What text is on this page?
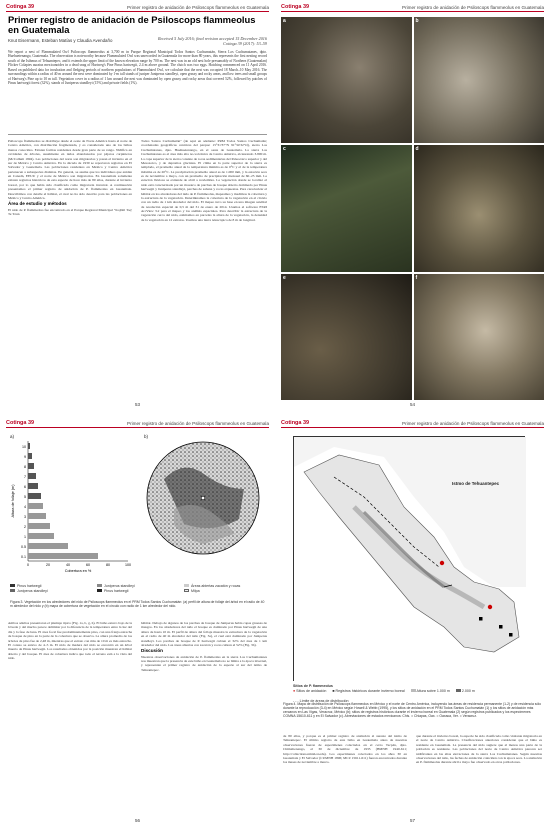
Cotinga 39	Primer registro de anidación de Psiloscops flammeolus en Guatemala
Primer registro de anidación de Psiloscops flammeolus en Guatemala
Knut Eisermann, Esteban Matías y Claudia Avendaño	Received 5 July 2016; final revision accepted 15 December 2016
Cotinga 39 (2017): 53–59
We report a nest of Flammulated Owl Psiloscops flammeolus at 3,700 m in Parque Regional Municipal Todos Santos Cuchumatán, Sierra Los Cuchumatanes, dpto. Huehuetenango, Guatemala. The observation is noteworthy because Flammulated Owl was unrecorded in Guatemala for more than 80 years, this represents the first nesting record south of the Isthmus of Tehuantepec, and it extends the upper limit of the known elevation range by 700 m. The nest was in an old nest hole presumably of Northern (Guatemalan) Flicker Colaptes auratus mexicanoides in a dead snag of Hartweg's Pine Pinus hartwegii, 2.4 m above ground. The clutch was two eggs. Hatching commenced on 11 April 2016. Based on published data for incubation and fledging periods of northern populations of Flammulated Owl, we calculate that the nest was occupied 18 March–10 May 2016. The surroundings within a radius of 40 m around the nest were dominated by 1-m tall stands of juniper Juniperus standleyi, open grassy and rocky areas, and low trees and small groups of Hartweg's Pine up to 10 m tall. Vegetation cover in a radius of 1 km around the nest was dominated by open grassy and rocky areas that covered 52%, followed by patches of Pinus hartwegii forest (32%), stands of Juniperus standleyi (15%) and private fields (1%).
Psiloscops flammeolus se distribuye desde el oeste de Norte América hasta el norte de Centro América, con distribución fragmentada, y es considerado uno de los búhos menos conocidos. Existen formas residentes desde gran parte de su rango. Nidifica en cavidades de árboles, usualmente en nidos abandonados por pájaros carpinteros (McCallum 1994). Las poblaciones del norte son migratorias y pasan el invierno en el sur de México y Centro América. En la década de 1930 se reportaron registros en El Salvador y Guatemala. Las poblaciones residentes en México y Centro América pertenecen a subespecies distintas. En general, se asume que los individuos que anidan en Canadá, EEUU y el norte de México son migratorios. En Guatemala solamente existen registros históricos de esta especie de hace más de 80 años, durante el invierno boreal, por lo que había sido clasificada como migratoria invernal. A continuación presentamos el primer registro de anidación de P. flammeolus en Guatemala. Describimos con detalle el hábitat, el cual no ha sido descrito para las poblaciones en México y Centro América.
Área de estudio y métodos
El nido de P. flammeolus fue encontrado en el Parque Regional Municipal "Kojbiil Taq' Te Tzun
Todos Santos Cuchumatán" (de aquí en adelante: PRM Todos Santos Cuchumatán; coordenadas geográficas centricas del parque: 15°31'37"N 91°34'32"O), sierra Los Cuchumatanes, dpto. Huehuetenango, en el oeste de Guatemala. La sierra Los Cuchumatanes es el área más alta no-volcánica de Centro América, alcanzando 3.800 m. La capa superior de la sierra consiste de rocas sedimentarias del Paleozoico superior y del Mesozoico, y de depósitos glaciales. El clima en la parte superior de la sierra es templado, el promedio anual de la temperatura mínima es de 0°C y el de la temperatura máxima es de 20°C. La precipitación promedio anual es de 1.000 mm, y la estación seca es de noviembre a mayo, con un promedio de precipitación mensual de 60–25 mm. La estación lluviosa se extiende de abril a noviembre. La vegetación donde se localizó el nido está caracterizada por un mosaico de parches de bosque abierto dominado por Pinus hartwegii y Juniperus standleyi, parches de sabana y rocas expuestas. Para caracterizar el hábitat en los alrededores del nido de P. flammeolus, mapeamos y medimos la cobertura y la estructura de la vegetación. Determinamos la cobertura de la vegetación en el círculo con un radio de 1 km alrededor del nido. El mapeo tuvo su base en una imagen satelital de resolución espacial de 0,5 m del 31 de enero de 2014. Usamos el software ESRI ArcView 3.2 para el mapeo y los análisis espaciales. Para describir la estructura de la vegetación cerca del nido, estimamos en parcelas la altura de la vegetación, la densidad de la vegetación en 12 estratos. Usamos una tierra telescópica de 8 m de longitud.
53
Cotinga 39	Primer registro de anidación de Psiloscops flammeolus en Guatemala
a	b
c	d
e	f
54
Cotinga 39	Primer registro de anidación de Psiloscops flammeolus en Guatemala
a)
10
9
8
7
6
5
4
3
2
1
0.5
0.1
0	20	40	60	80	100
Cobertura en %
Altura de follaje (m)
b)
Pinus hartwegii	Juniperus standleyi	Áreas abiertas zacatón y rocas
Juniperus standleyi	Pinus hartwegii	Milpa
Figura 3. Vegetación en los alrededores del nido de Psiloscops flammeolus en el PRM Todos Santos Cuchumatán: (a) perfil de altura de follaje del árbol en el radio de 40 m alrededor del nido y (b) mapa de cobertura de vegetación en el círculo con radio de 1 km alrededor del nido.
Ambos adultos presentaron el plumaje típico (Fig. 1a, b, g, h). El búho estuvo bajo de la bóveda y del mucho parece delimitar por la diferencia de la temperatura entre la luz del día y la fase de luna. El área focal fue predominantemente pino, con una franja estrecha de bosque de pino en la parte de la cobertura que se observa. La altura promedio de los árboles de pino fue de 2,48 m, mientras que el estrato con más de 10 m es más estrecho. El conteo se estuvo de 4–5 m. El nido de madera del nido se encontró en un árbol muerto de Pinus hartwegii. Los resultados obtenidos por la posición muestran el hábitat abierto y del bosque. El área de cobertura indica que todo el terreno está a la vista del nido.
hábitat. Debajo de algunos de los parches de bosque de Juniperus había capas gruesas de musgos. En los alrededores del nido el bosque es dominado por Pinus hartwegii de una altura de hasta 10 m. El perfil de altura del follaje muestra la estructura de la vegetación en el radio de 40 m alrededor del nido (Fig. 3a), el cual está dominado por Juniperus standleyi. Los parches de bosque de P. hartwegii cubren el 32% del área de 1 km alrededor del nido. Las áreas abiertas con zacatón y rocas cubren el 52% (Fig. 3b).
Discusión
Nuestras observaciones de anidación de P. flammeolus en la sierra Los Cuchumatanes nos muestran que la presencia de este búho en Guatemala no se limita a la época invernal, y representan el primer registro de anidación de la especie al sur del istmo de Tehuantepec.
56
Cotinga 39	Primer registro de anidación de Psiloscops flammeolus en Guatemala
Istmo de Tehuantepec
Sitios de P. flammeolus
● Sitios de anidación ■ Registros históricos durante invierno boreal	Altura sobre 1.000 m	2.000 m
- - - Límite de áreas de distribución
Figura 4. Mapa de distribución de Psiloscops flammeolus en México y el norte de Centro América, incluyendo las áreas de residencia permanente (1-2) y de residencia sólo durante la reproducción (3-4) en México según Howell & Webb (1995), y los sitios de anidación en el PRM Todos Santos Cuchumatán (1) y los sitios de anidación más cercanos en Las Vigas, Veracruz, México (b); sitios de registros históricos durante el invierno boreal en Guatemala (2) según registros publicados y los especímenes COMNA 15610-611 y en El Salvador (c). Abreviaciones de estados mexicanos: Chis. = Chiapas, Oax. = Oaxaca, Ver. = Veracruz.
de 80 años, y porque es el primer registro de anidación al sureste del istmo de Tehuantepec. El último registro de este búho en Guatemala antes de nuestras observaciones fueron de especímenes colectados en el cerro Tecpán, dpto. Chimaltenango, el 30 de diciembre de 1935 (BMNH 1940-611; http://collections.nmnh.si.edu). Los especímenes colectados en los años 30 en Guatemala y El Salvador (CUMNH 1896; MCZ 15611-611) fueron encontrados durante los meses de noviembre a marzo.
que durante el invierno boreal, la especie ha sido clasificada como visitante migratoria en el norte de Centro América. Clasificaciones anteriores consideran que el búho es residente en Guatemala. La presencia del nido sugiere que al menos una parte de la población es residente. Las poblaciones del norte de Centro América parecen ser nidificantes en las altas elevaciones de la sierra Los Cuchumatanes. Según nuestras observaciones del nido, las fechas de anidación coinciden con la época seca. La anidación en P. flammeolus durante abril a mayo fue observado en otras poblaciones.
57
